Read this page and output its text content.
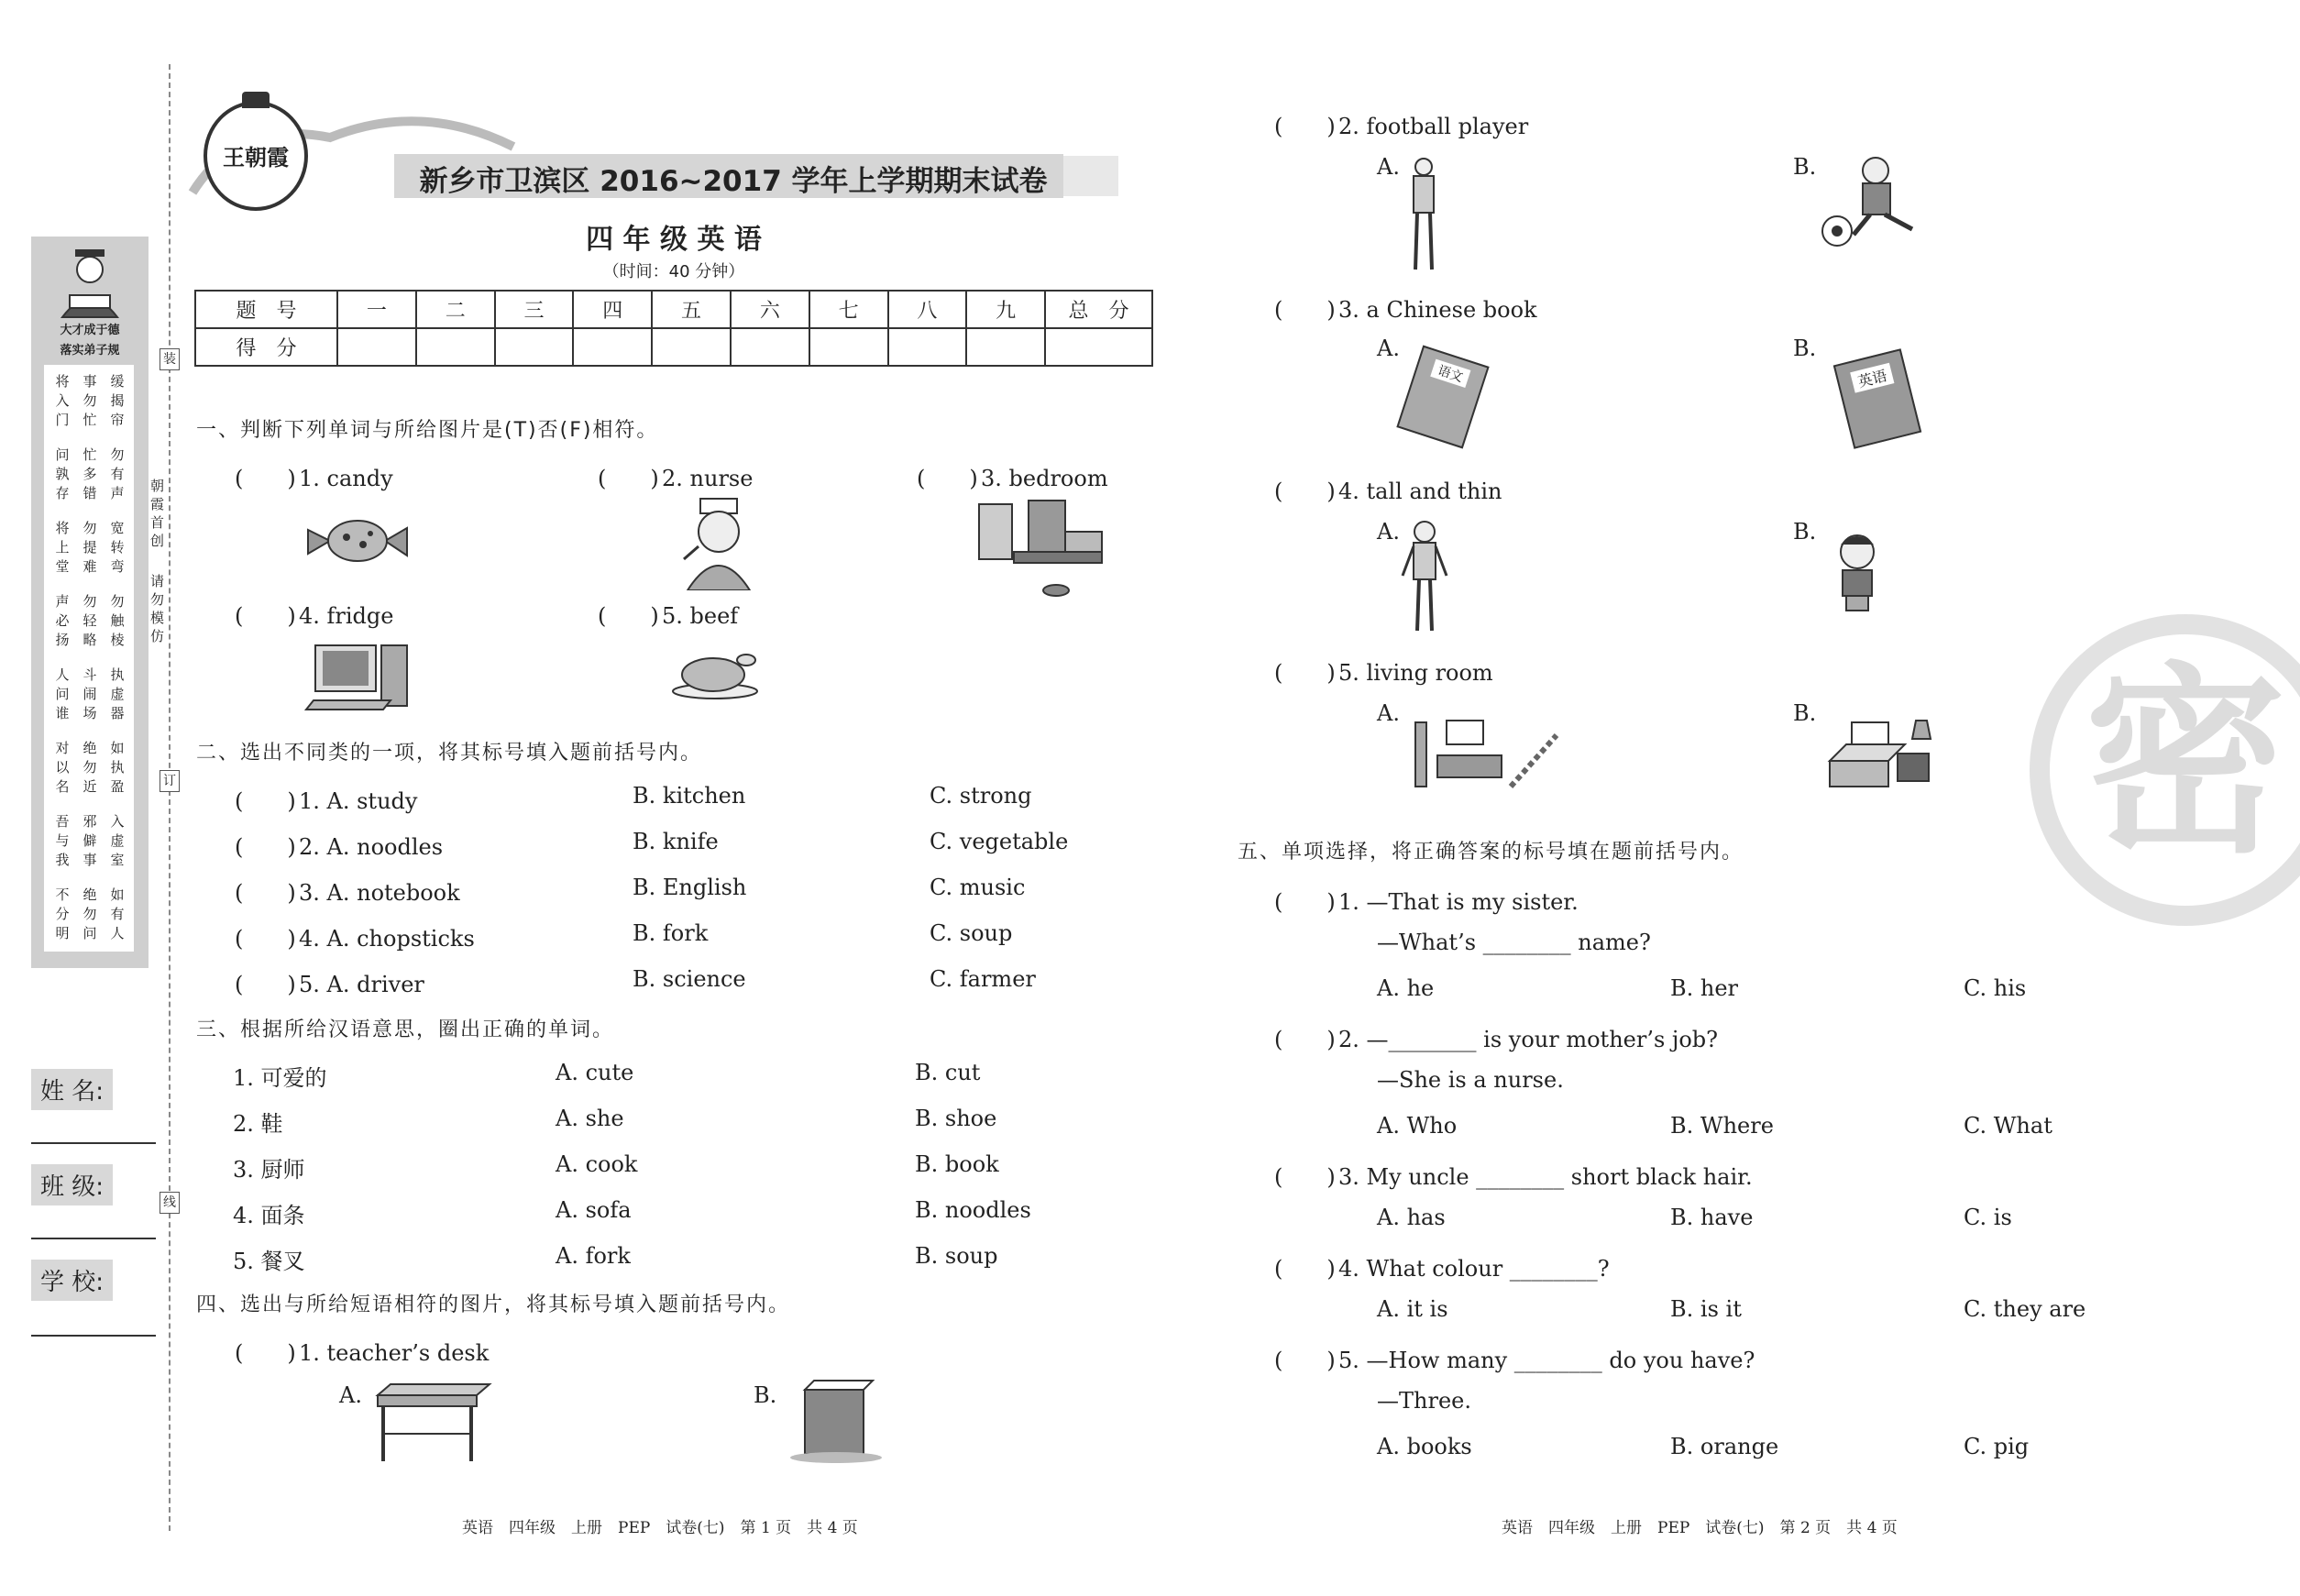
装
订
线
大才成于德
落实弟子规
将入门
事勿忙
缓揭帘
问孰存
忙多错
勿有声
将上堂
勿提难
宽转弯
声必扬
勿轻略
勿触棱
人问谁
斗闹场
执虚器
对以名
绝勿近
如执盈
吾与我
邪僻事
入虚室
不分明
绝勿问
如有人
朝霞首创
请勿模仿
姓 名:
班 级:
学 校:
王朝霞
新乡市卫滨区 2016~2017 学年上学期期末试卷
四 年 级 英 语
（时间：40 分钟）
题　号	一	二	三	四	五	六	七	八	九	总　分
得　分										
一、判断下列单词与所给图片是(T)否(F)相符。
(　　) 1. candy	(　　) 2. nurse	(　　) 3. bedroom
(　　) 4. fridge	(　　) 5. beef
二、选出不同类的一项，将其标号填入题前括号内。
(　　) 1. A. study	B. kitchen	C. strong
(　　) 2. A. noodles	B. knife	C. vegetable
(　　) 3. A. notebook	B. English	C. music
(　　) 4. A. chopsticks	B. fork	C. soup
(　　) 5. A. driver	B. science	C. farmer
三、根据所给汉语意思，圈出正确的单词。
1. 可爱的	A. cute	B. cut
2. 鞋	A. she	B. shoe
3. 厨师	A. cook	B. book
4. 面条	A. sofa	B. noodles
5. 餐叉	A. fork	B. soup
四、选出与所给短语相符的图片，将其标号填入题前括号内。
(　　) 1. teacher’s desk
A.	B.
(　　) 2. football player
A.	B.
(　　) 3. a Chinese book
A.	B.
语文	英语
(　　) 4. tall and thin
A.	B.
(　　) 5. living room
A.	B.
五、单项选择，将正确答案的标号填在题前括号内。
(　　) 1. —That is my sister.
—What’s ________ name?
A. he	B. her	C. his
(　　) 2. —________ is your mother’s job?
—She is a nurse.
A. Who	B. Where	C. What
(　　) 3. My uncle ________ short black hair.
A. has	B. have	C. is
(　　) 4. What colour ________?
A. it is	B. is it	C. they are
(　　) 5. —How many ________ do you have?
—Three.
A. books	B. orange	C. pig
密
英语　四年级　上册　PEP　试卷(七)　第 1 页　共 4 页	英语　四年级　上册　PEP　试卷(七)　第 2 页　共 4 页
